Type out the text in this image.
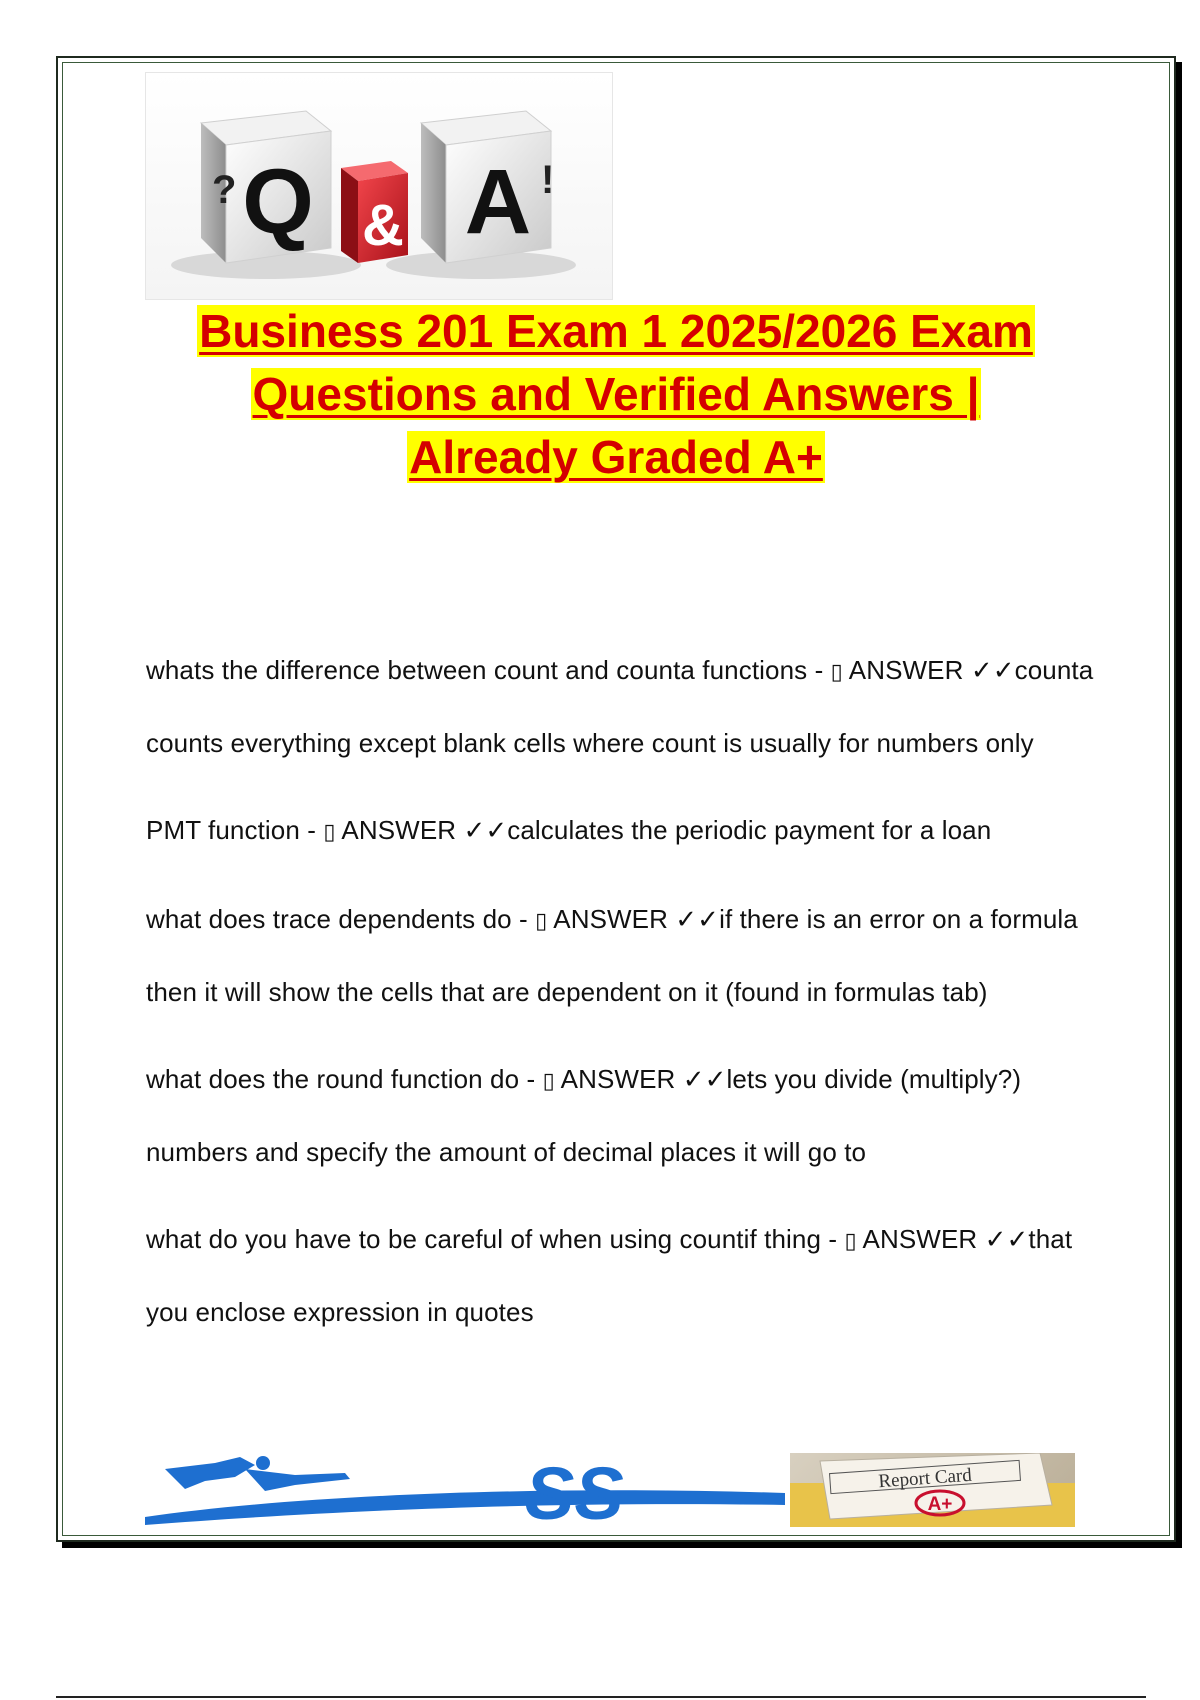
Q
?
& A !
Business 201 Exam 1 2025/2026 Exam
Questions and Verified Answers |
Already Graded A+
whats the difference between count and counta functions - ▯ ANSWER ✓✓counta counts everything except blank cells where count is usually for numbers only
PMT function - ▯ ANSWER ✓✓calculates the periodic payment for a loan
what does trace dependents do - ▯ ANSWER ✓✓if there is an error on a formula then it will show the cells that are dependent on it (found in formulas tab)
what does the round function do - ▯ ANSWER ✓✓lets you divide (multiply?) numbers and specify the amount of decimal places it will go to
what do you have to be careful of when using countif thing - ▯ ANSWER ✓✓that you enclose expression in quotes
success	SS	Report Card
A+
